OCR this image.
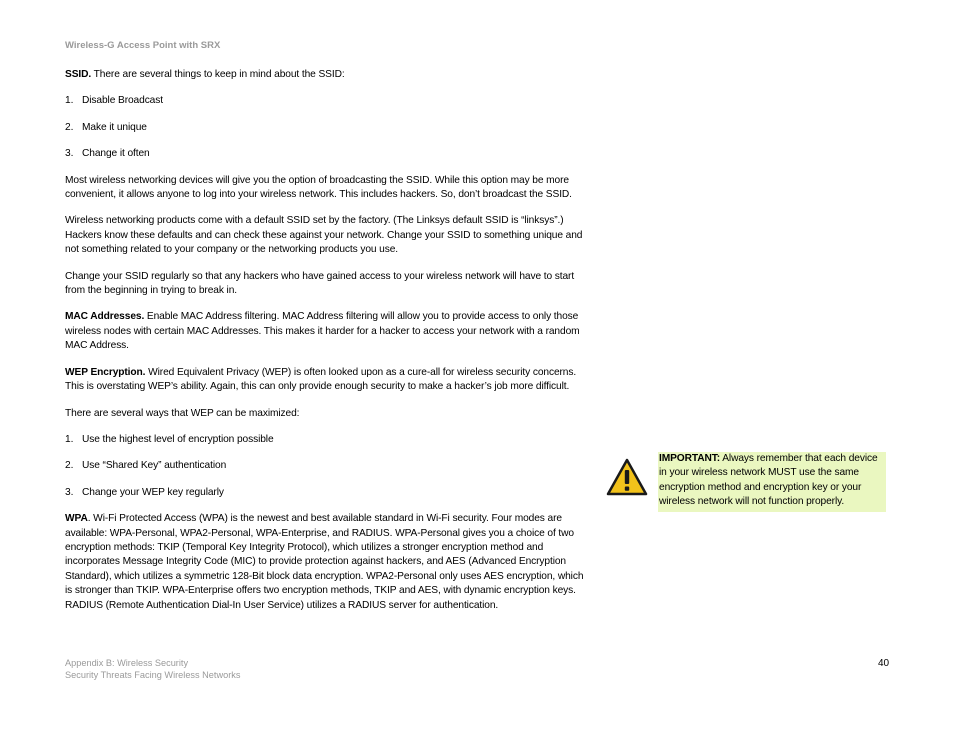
Wireless-G Access Point with SRX

SSID. There are several things to keep in mind about the SSID:

1. Disable Broadcast
2. Make it unique
3. Change it often

Most wireless networking devices will give you the option of broadcasting the SSID. While this option may be more convenient, it allows anyone to log into your wireless network. This includes hackers. So, don’t broadcast the SSID.

Wireless networking products come with a default SSID set by the factory. (The Linksys default SSID is “linksys”.) Hackers know these defaults and can check these against your network. Change your SSID to something unique and not something related to your company or the networking products you use.

Change your SSID regularly so that any hackers who have gained access to your wireless network will have to start from the beginning in trying to break in.

MAC Addresses. Enable MAC Address filtering. MAC Address filtering will allow you to provide access to only those wireless nodes with certain MAC Addresses. This makes it harder for a hacker to access your network with a random MAC Address.

WEP Encryption. Wired Equivalent Privacy (WEP) is often looked upon as a cure-all for wireless security concerns. This is overstating WEP’s ability. Again, this can only provide enough security to make a hacker’s job more difficult.

There are several ways that WEP can be maximized:

1. Use the highest level of encryption possible
2. Use “Shared Key” authentication
3. Change your WEP key regularly

WPA. Wi-Fi Protected Access (WPA) is the newest and best available standard in Wi-Fi security. Four modes are available: WPA-Personal, WPA2-Personal, WPA-Enterprise, and RADIUS. WPA-Personal gives you a choice of two encryption methods: TKIP (Temporal Key Integrity Protocol), which utilizes a stronger encryption method and incorporates Message Integrity Code (MIC) to provide protection against hackers, and AES (Advanced Encryption Standard), which utilizes a symmetric 128-Bit block data encryption. WPA2-Personal only uses AES encryption, which is stronger than TKIP. WPA-Enterprise offers two encryption methods, TKIP and AES, with dynamic encryption keys. RADIUS (Remote Authentication Dial-In User Service) utilizes a RADIUS server for authentication.

IMPORTANT: Always remember that each device in your wireless network MUST use the same encryption method and encryption key or your wireless network will not function properly.
Appendix B: Wireless Security
Security Threats Facing Wireless Networks
40
